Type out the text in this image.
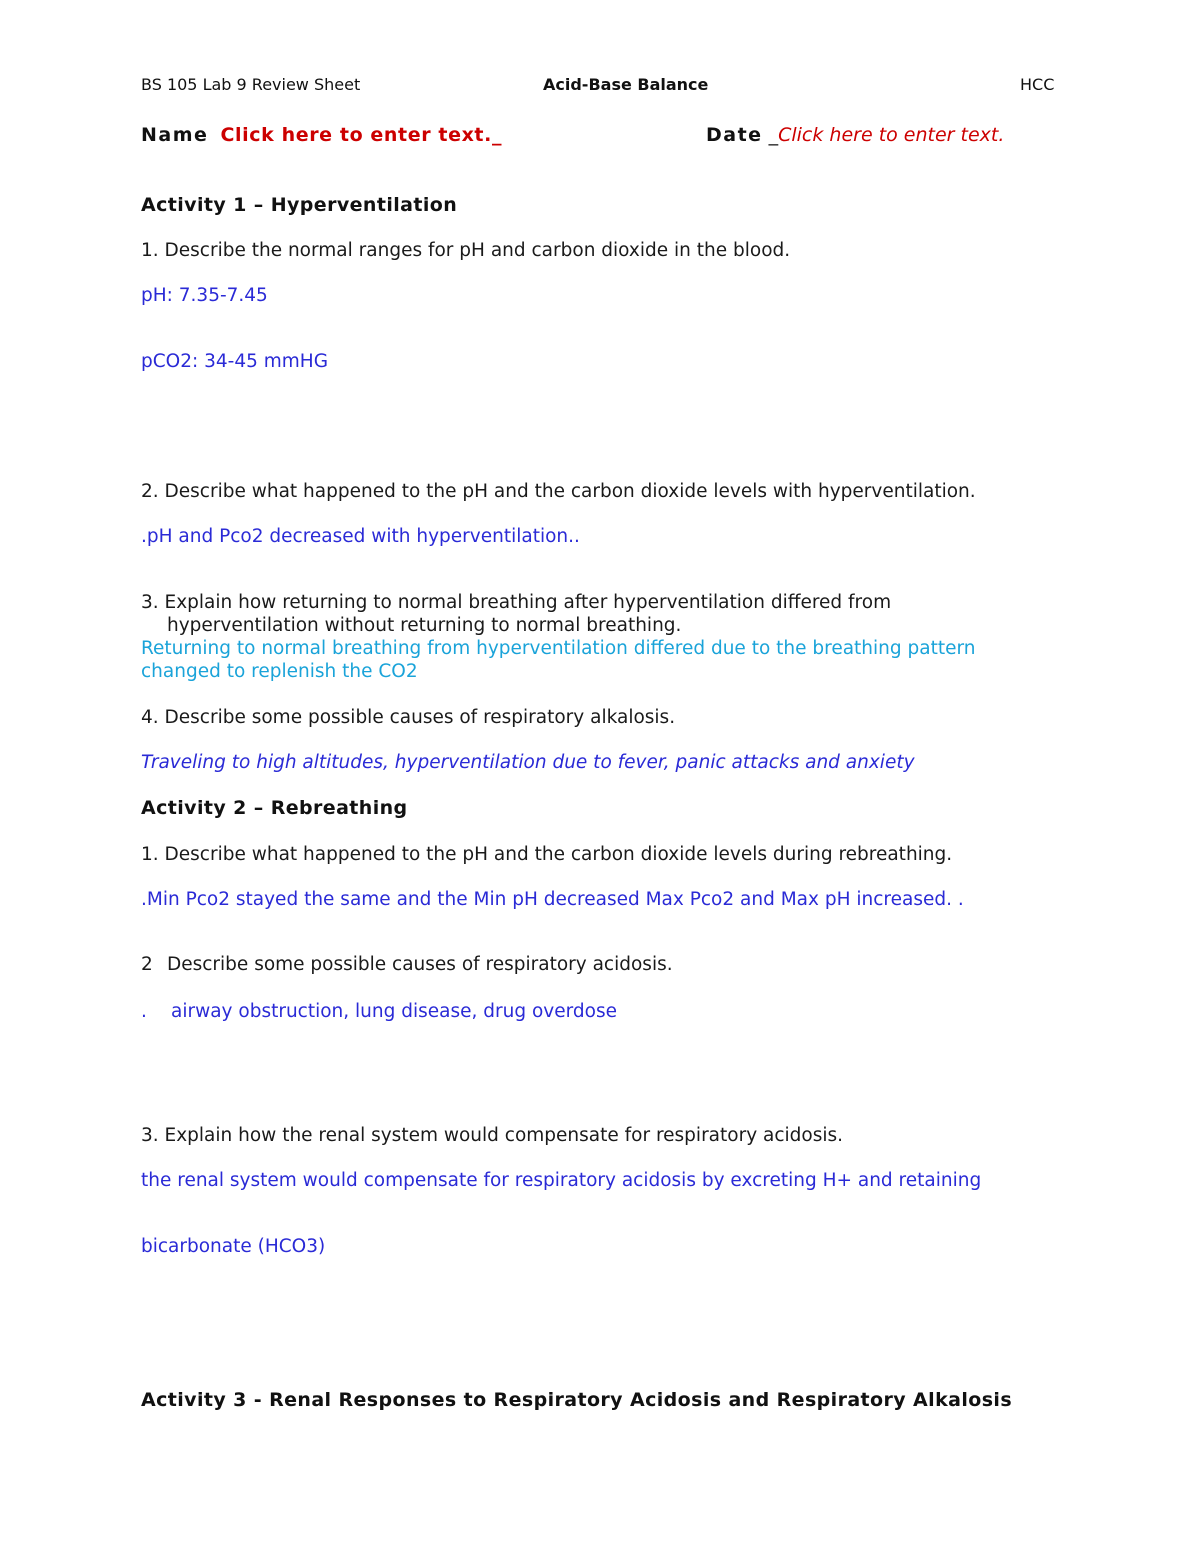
BS 105 Lab 9 Review Sheet	Acid-Base Balance	HCC
Name Click here to enter text._	Date _Click here to enter text.
Activity 1 – Hyperventilation
1. Describe the normal ranges for pH and carbon dioxide in the blood.
pH: 7.35-7.45
pCO2: 34-45 mmHG
2. Describe what happened to the pH and the carbon dioxide levels with hyperventilation.
.pH and Pco2 decreased with hyperventilation..
3. Explain how returning to normal breathing after hyperventilation differed from
hyperventilation without returning to normal breathing.
Returning to normal breathing from hyperventilation differed due to the breathing pattern
changed to replenish the CO2
4. Describe some possible causes of respiratory alkalosis.
Traveling to high altitudes, hyperventilation due to fever, panic attacks and anxiety
Activity 2 – Rebreathing
1. Describe what happened to the pH and the carbon dioxide levels during rebreathing.
.Min Pco2 stayed the same and the Min pH decreased Max Pco2 and Max pH increased. .
2 Describe some possible causes of respiratory acidosis.
. airway obstruction, lung disease, drug overdose
3. Explain how the renal system would compensate for respiratory acidosis.
the renal system would compensate for respiratory acidosis by excreting H+ and retaining
bicarbonate (HCO3)
Activity 3 - Renal Responses to Respiratory Acidosis and Respiratory Alkalosis
